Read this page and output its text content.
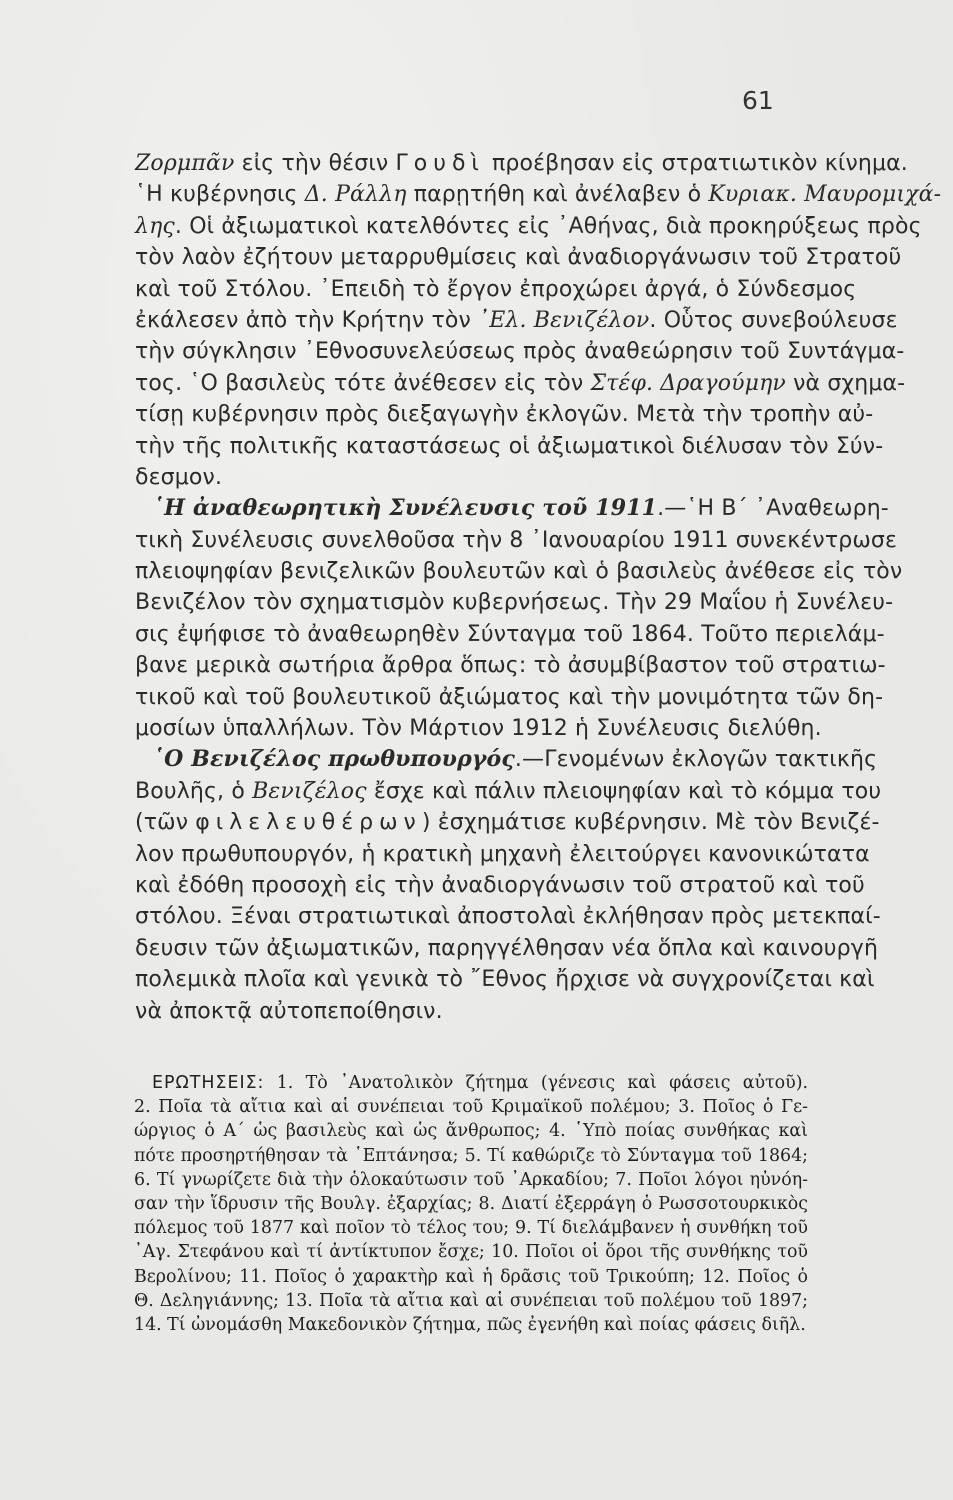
61
Ζορμπᾶν εἰς τὴν θέσιν Γουδὶ προέβησαν εἰς στρατιωτικὸν κίνημα.
῾Η κυβέρνησις Δ. Ράλλη παρῃτήθη καὶ ἀνέλαβεν ὁ Κυριακ. Μαυρομιχά-
λης. Οἱ ἀξιωματικοὶ κατελθόντες εἰς ᾿Αθήνας, διὰ προκηρύξεως πρὸς
τὸν λαὸν ἐζήτουν μεταρρυθμίσεις καὶ ἀναδιοργάνωσιν τοῦ Στρατοῦ
καὶ τοῦ Στόλου. ᾿Επειδὴ τὸ ἔργον ἐπροχώρει ἀργά, ὁ Σύνδεσμος
ἐκάλεσεν ἀπὸ τὴν Κρήτην τὸν ᾿Ελ. Βενιζέλον. Οὗτος συνεβούλευσε
τὴν σύγκλησιν ᾿Εθνοσυνελεύσεως πρὸς ἀναθεώρησιν τοῦ Συντάγμα-
τος. ῾Ο βασιλεὺς τότε ἀνέθεσεν εἰς τὸν Στέφ. Δραγούμην νὰ σχημα-
τίσῃ κυβέρνησιν πρὸς διεξαγωγὴν ἐκλογῶν. Μετὰ τὴν τροπὴν αὐ-
τὴν τῆς πολιτικῆς καταστάσεως οἱ ἀξιωματικοὶ διέλυσαν τὸν Σύν-
δεσμον.
῾Η ἀναθεωρητικὴ Συνέλευσις τοῦ 1911.—῾Η Β΄ ᾿Αναθεωρη-
τικὴ Συνέλευσις συνελθοῦσα τὴν 8 ᾿Ιανουαρίου 1911 συνεκέντρωσε
πλειοψηφίαν βενιζελικῶν βουλευτῶν καὶ ὁ βασιλεὺς ἀνέθεσε εἰς τὸν
Βενιζέλον τὸν σχηματισμὸν κυβερνήσεως. Τὴν 29 Μαΐου ἡ Συνέλευ-
σις ἐψήφισε τὸ ἀναθεωρηθὲν Σύνταγμα τοῦ 1864. Τοῦτο περιελάμ-
βανε μερικὰ σωτήρια ἄρθρα ὅπως: τὸ ἀσυμβίβαστον τοῦ στρατιω-
τικοῦ καὶ τοῦ βουλευτικοῦ ἀξιώματος καὶ τὴν μονιμότητα τῶν δη-
μοσίων ὑπαλλήλων. Τὸν Μάρτιον 1912 ἡ Συνέλευσις διελύθη.
῾Ο Βενιζέλος πρωθυπουργός.—Γενομένων ἐκλογῶν τακτικῆς
Βουλῆς, ὁ Βενιζέλος ἔσχε καὶ πάλιν πλειοψηφίαν καὶ τὸ κόμμα του
(τῶν φιλελευθέρων) ἐσχημάτισε κυβέρνησιν. Μὲ τὸν Βενιζέ-
λον πρωθυπουργόν, ἡ κρατικὴ μηχανὴ ἐλειτούργει κανονικώτατα
καὶ ἐδόθη προσοχὴ εἰς τὴν ἀναδιοργάνωσιν τοῦ στρατοῦ καὶ τοῦ
στόλου. Ξέναι στρατιωτικαὶ ἀποστολαὶ ἐκλήθησαν πρὸς μετεκπαί-
δευσιν τῶν ἀξιωματικῶν, παρηγγέλθησαν νέα ὅπλα καὶ καινουργῆ
πολεμικὰ πλοῖα καὶ γενικὰ τὸ ῎Εθνος ἤρχισε νὰ συγχρονίζεται καὶ
νὰ ἀποκτᾷ αὐτοπεποίθησιν.
ΕΡΩΤΗΣΕΙΣ: 1. Τὸ ᾿Ανατολικὸν ζήτημα (γένεσις καὶ φάσεις αὐτοῦ).
2. Ποῖα τὰ αἴτια καὶ αἱ συνέπειαι τοῦ Κριμαϊκοῦ πολέμου; 3. Ποῖος ὁ Γε-
ώργιος ὁ Α΄ ὡς βασιλεὺς καὶ ὡς ἄνθρωπος; 4. ῾Υπὸ ποίας συνθήκας καὶ
πότε προσηρτήθησαν τὰ ῾Επτάνησα; 5. Τί καθώριζε τὸ Σύνταγμα τοῦ 1864;
6. Τί γνωρίζετε διὰ τὴν ὁλοκαύτωσιν τοῦ ᾿Αρκαδίου; 7. Ποῖοι λόγοι ηὐνόη-
σαν τὴν ἵδρυσιν τῆς Βουλγ. ἐξαρχίας; 8. Διατί ἐξερράγη ὁ Ρωσσοτουρκικὸς
πόλεμος τοῦ 1877 καὶ ποῖον τὸ τέλος του; 9. Τί διελάμβανεν ἡ συνθήκη τοῦ
᾿Αγ. Στεφάνου καὶ τί ἀντίκτυπον ἔσχε; 10. Ποῖοι οἱ ὅροι τῆς συνθήκης τοῦ
Βερολίνου; 11. Ποῖος ὁ χαρακτὴρ καὶ ἡ δρᾶσις τοῦ Τρικούπη; 12. Ποῖος ὁ
Θ. Δεληγιάννης; 13. Ποῖα τὰ αἴτια καὶ αἱ συνέπειαι τοῦ πολέμου τοῦ 1897;
14. Τί ὠνομάσθη Μακεδονικὸν ζήτημα, πῶς ἐγενήθη καὶ ποίας φάσεις διῆλ.
